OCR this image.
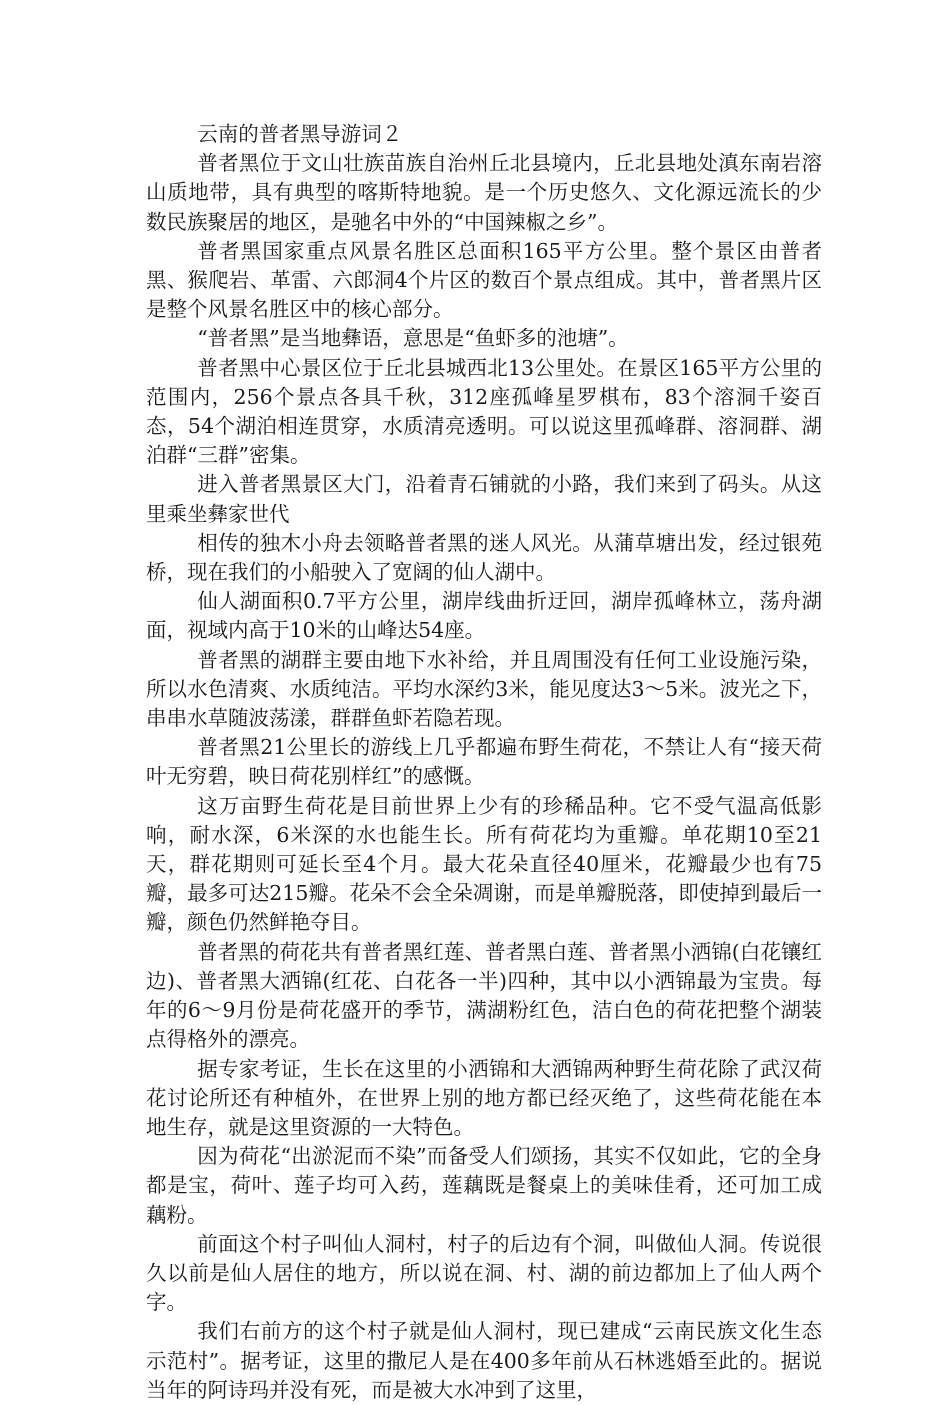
云南的普者黑导游词２

普者黑位于文山壮族苗族自治州丘北县境内，丘北县地处滇东南岩溶山质地带，具有典型的喀斯特地貌。是一个历史悠久、文化源远流长的少数民族聚居的地区，是驰名中外的“中国辣椒之乡”。

普者黑国家重点风景名胜区总面积165平方公里。整个景区由普者黑、猴爬岩、革雷、六郎洞4个片区的数百个景点组成。其中，普者黑片区是整个风景名胜区中的核心部分。

“普者黑”是当地彝语，意思是“鱼虾多的池塘”。

普者黑中心景区位于丘北县城西北13公里处。在景区165平方公里的范围内，256个景点各具千秋，312座孤峰星罗棋布，83个溶洞千姿百态，54个湖泊相连贯穿，水质清亮透明。可以说这里孤峰群、溶洞群、湖泊群“三群”密集。

进入普者黑景区大门，沿着青石铺就的小路，我们来到了码头。从这里乘坐彝家世代

相传的独木小舟去领略普者黑的迷人风光。从蒲草塘出发，经过银苑桥，现在我们的小船驶入了宽阔的仙人湖中。

仙人湖面积0.7平方公里，湖岸线曲折迂回，湖岸孤峰林立，荡舟湖面，视域内高于10米的山峰达54座。

普者黑的湖群主要由地下水补给，并且周围没有任何工业设施污染，所以水色清爽、水质纯洁。平均水深约3米，能见度达3～5米。波光之下，串串水草随波荡漾，群群鱼虾若隐若现。

普者黑21公里长的游线上几乎都遍布野生荷花，不禁让人有“接天荷叶无穷碧，映日荷花别样红”的感慨。

这万亩野生荷花是目前世界上少有的珍稀品种。它不受气温高低影响，耐水深，6米深的水也能生长。所有荷花均为重瓣。单花期10至21天，群花期则可延长至4个月。最大花朵直径40厘米，花瓣最少也有75瓣，最多可达215瓣。花朵不会全朵凋谢，而是单瓣脱落，即使掉到最后一瓣，颜色仍然鲜艳夺目。

普者黑的荷花共有普者黑红莲、普者黑白莲、普者黑小洒锦(白花镶红边)、普者黑大洒锦(红花、白花各一半)四种，其中以小洒锦最为宝贵。每年的6～9月份是荷花盛开的季节，满湖粉红色，洁白色的荷花把整个湖装点得格外的漂亮。

据专家考证，生长在这里的小洒锦和大洒锦两种野生荷花除了武汉荷花讨论所还有种植外，在世界上别的地方都已经灭绝了，这些荷花能在本地生存，就是这里资源的一大特色。

因为荷花“出淤泥而不染”而备受人们颂扬，其实不仅如此，它的全身都是宝，荷叶、莲子均可入药，莲藕既是餐桌上的美味佳肴，还可加工成藕粉。

前面这个村子叫仙人洞村，村子的后边有个洞，叫做仙人洞。传说很久以前是仙人居住的地方，所以说在洞、村、湖的前边都加上了仙人两个字。

我们右前方的这个村子就是仙人洞村，现已建成“云南民族文化生态示范村”。据考证，这里的撒尼人是在400多年前从石林逃婚至此的。据说当年的阿诗玛并没有死，而是被大水冲到了这里，
